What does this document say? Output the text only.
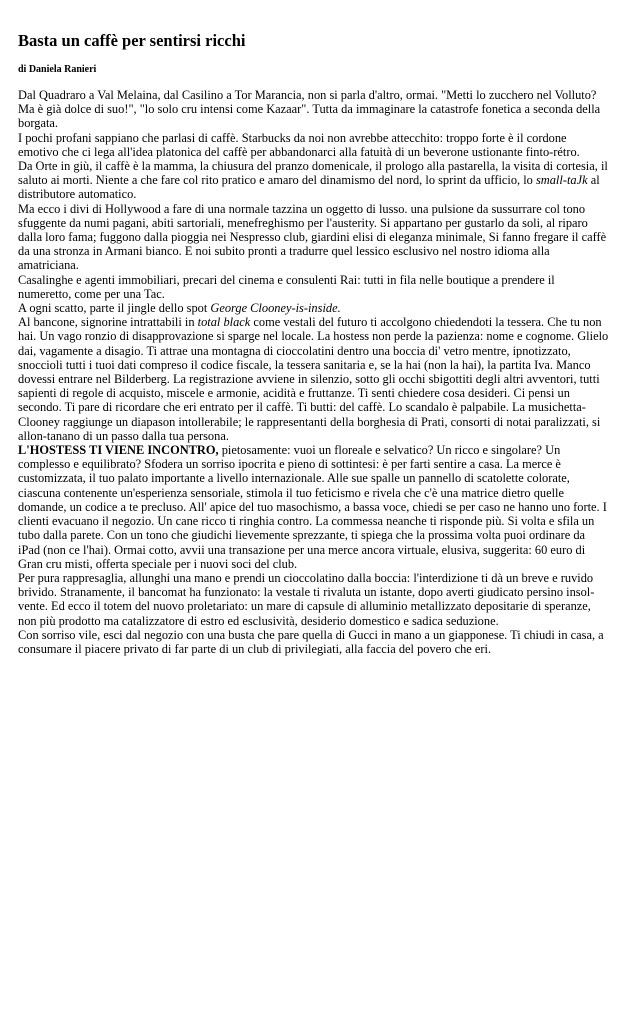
Basta un caffè per sentirsi ricchi
di Daniela Ranieri

Dal Quadraro a Val Melaina, dal Casilino a Tor Marancia, non si parla d'altro, ormai. "Metti lo zucchero nel Volluto? Ma è già dolce di suo!", "lo solo cru intensi come Kazaar". Tutta da immaginare la catastrofe fonetica a seconda della borgata.

I pochi profani sappiano che parlasi di caffè. Starbucks da noi non avrebbe attecchito: troppo forte è il cordone emotivo che ci lega all'idea platonica del caffè per abbandonarci alla fatuità di un beverone ustionante finto-rétro.

Da Orte in giù, il caffè è la mamma, la chiusura del pranzo domenicale, il prologo alla pastarella, la visita di cortesia, il saluto ai morti. Niente a che fare col rito pratico e amaro del dinamismo del nord, lo sprint da ufficio, lo small-taJk al distributore automatico.

Ma ecco i divi di Hollywood a fare di una normale tazzina un oggetto di lusso. una pulsione da sussurrare col tono sfuggente da numi pagani, abiti sartoriali, menefreghismo per l'austerity. Si appartano per gustarlo da soli, al riparo dalla loro fama; fuggono dalla pioggia nei Nespresso club, giardini elisi di eleganza minimale, Si fanno fregare il caffè da una stronza in Armani bianco. E noi subito pronti a tradurre quel lessico esclusivo nel nostro idioma alla amatriciana.

Casalinghe e agenti immobiliari, precari del cinema e consulenti Rai: tutti in fila nelle boutique a prendere il numeretto, come per una Tac.

A ogni scatto, parte il jingle dello spot George Clooney-is-inside.

Al bancone, signorine intrattabili in total black come vestali del futuro ti accolgono chiedendoti la tessera. Che tu non hai. Un vago ronzio di disapprovazione si sparge nel locale. La hostess non perde la pazienza: nome e cognome. Glielo dai, vagamente a disagio. Ti attrae una montagna di cioccolatini dentro una boccia di' vetro mentre, ipnotizzato, snoccioli tutti i tuoi dati compreso il codice fiscale, la tessera sanitaria e, se la hai (non la hai), la partita Iva. Manco dovessi entrare nel Bilderberg. La registrazione avviene in silenzio, sotto gli occhi sbigottiti degli altri avventori, tutti sapienti di regole di acquisto, miscele e armonie, acidità e fruttanze. Ti senti chiedere cosa desideri. Ci pensi un secondo. Ti pare di ricordare che eri entrato per il caffè. Ti butti: del caffè. Lo scandalo è palpabile. La musichetta-Clooney raggiunge un diapason intollerabile; le rappresentanti della borghesia di Prati, consorti di notai paralizzati, si allon-tanano di un passo dalla tua persona.

L'HOSTESS TI VIENE INCONTRO, pietosamente: vuoi un floreale e selvatico? Un ricco e singolare? Un complesso e equilibrato? Sfodera un sorriso ipocrita e pieno di sottintesi: è per farti sentire a casa. La merce è customizzata, il tuo palato importante a livello internazionale. Alle sue spalle un pannello di scatolette colorate, ciascuna contenente un'esperienza sensoriale, stimola il tuo feticismo e rivela che c'è una matrice dietro quelle domande, un codice a te precluso. All' apice del tuo masochismo, a bassa voce, chiedi se per caso ne hanno uno forte. I clienti evacuano il negozio. Un cane ricco ti ringhia contro. La commessa neanche ti risponde più. Si volta e sfila un tubo dalla parete. Con un tono che giudichi lievemente sprezzante, ti spiega che la prossima volta puoi ordinare da iPad (non ce l'hai). Ormai cotto, avvii una transazione per una merce ancora virtuale, elusiva, suggerita: 60 euro di Gran cru misti, offerta speciale per i nuovi soci del club.

Per pura rappresaglia, allunghi una mano e prendi un cioccolatino dalla boccia: l'interdizione ti dà un breve e ruvido brivido. Stranamente, il bancomat ha funzionato: la vestale ti rivaluta un istante, dopo averti giudicato persino insol-vente. Ed ecco il totem del nuovo proletariato: un mare di capsule di alluminio metallizzato depositarie di speranze, non più prodotto ma catalizzatore di estro ed esclusività, desiderio domestico e sadica seduzione.

Con sorriso vile, esci dal negozio con una busta che pare quella di Gucci in mano a un giapponese. Ti chiudi in casa, a consumare il piacere privato di far parte di un club di privilegiati, alla faccia del povero che eri.
